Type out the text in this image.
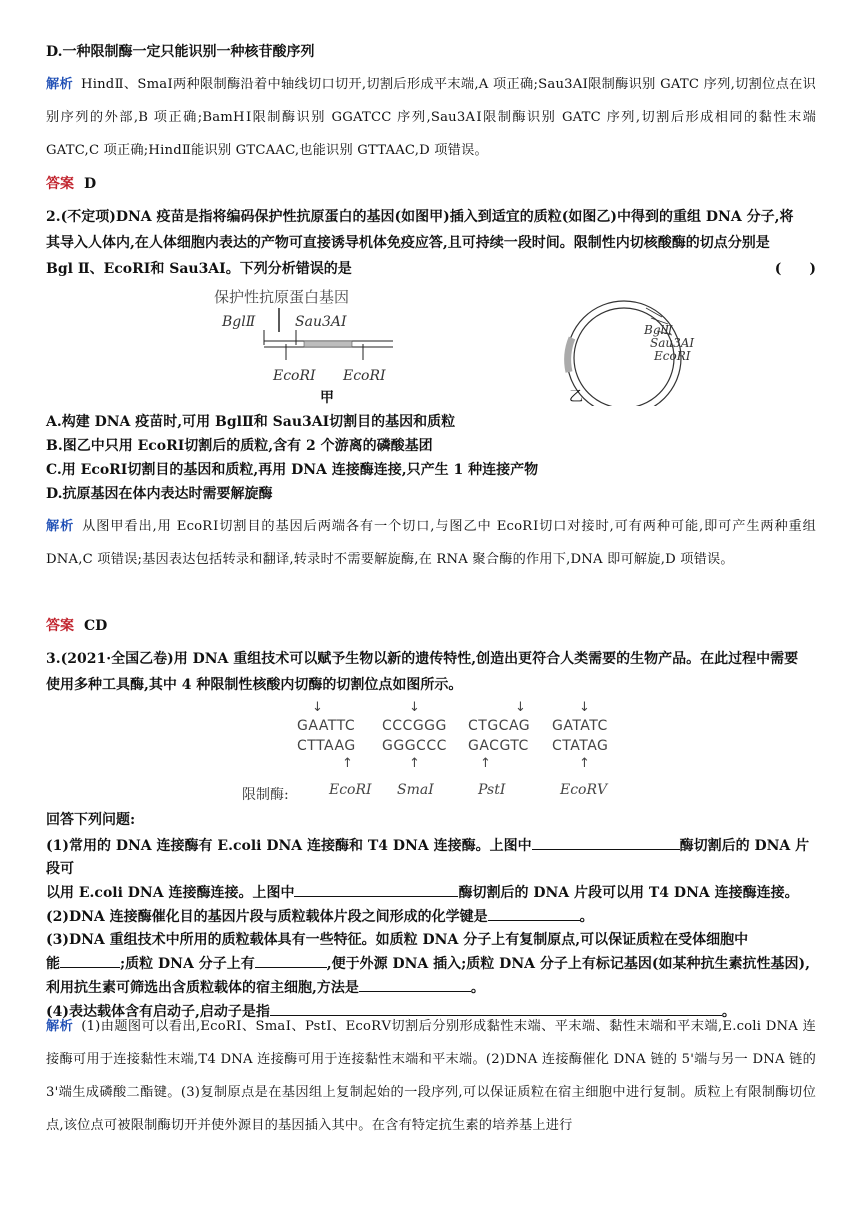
D.一种限制酶一定只能识别一种核苷酸序列
解析 HindⅡ、SmaⅠ两种限制酶沿着中轴线切口切开,切割后形成平末端,A 项正确;Sau3AⅠ限制酶识别 GATC 序列,切割位点在识别序列的外部,B 项正确;BamHⅠ限制酶识别 GGATCC 序列,Sau3AⅠ限制酶识别 GATC 序列,切割后形成相同的黏性末端 GATC,C 项正确;HindⅡ能识别 GTCAAC,也能识别 GTTAAC,D 项错误。
答案 D
2.(不定项)DNA 疫苗是指将编码保护性抗原蛋白的基因(如图甲)插入到适宜的质粒(如图乙)中得到的重组 DNA 分子,将
其导入人体内,在人体细胞内表达的产物可直接诱导机体免疫应答,且可持续一段时间。限制性内切核酸酶的切点分别是
Bgl Ⅱ、EcoRⅠ和 Sau3AⅠ。下列分析错误的是	(　　)
保护性抗原蛋白基因
BglⅡ	Sau3AⅠ
EcoRⅠ EcoRⅠ
甲
BglⅡ
Sau3AⅠ
EcoRⅠ
乙
A.构建 DNA 疫苗时,可用 BglⅡ和 Sau3AⅠ切割目的基因和质粒
B.图乙中只用 EcoRⅠ切割后的质粒,含有 2 个游离的磷酸基团
C.用 EcoRⅠ切割目的基因和质粒,再用 DNA 连接酶连接,只产生 1 种连接产物
D.抗原基因在体内表达时需要解旋酶
解析 从图甲看出,用 EcoRⅠ切割目的基因后两端各有一个切口,与图乙中 EcoRⅠ切口对接时,可有两种可能,即可产生两种重组 DNA,C 项错误;基因表达包括转录和翻译,转录时不需要解旋酶,在 RNA 聚合酶的作用下,DNA 即可解旋,D 项错误。
答案 CD
3.(2021·全国乙卷)用 DNA 重组技术可以赋予生物以新的遗传特性,创造出更符合人类需要的生物产品。在此过程中需要
使用多种工具酶,其中 4 种限制性核酸内切酶的切割位点如图所示。
限制酶:
↓
GAATTC
CTTAAG
↑
EcoRⅠ
↓
CCCGGG
GGGCCC
↑
SmaⅠ
↓
CTGCAG
GACGTC
↑
PstⅠ
↓
GATATC
CTATAG
↑
EcoRⅤ
回答下列问题:
(1)常用的 DNA 连接酶有 E.coli DNA 连接酶和 T4 DNA 连接酶。上图中	酶切割后的 DNA 片段可
以用 E.coli DNA 连接酶连接。上图中	酶切割后的 DNA 片段可以用 T4 DNA 连接酶连接。
(2)DNA 连接酶催化目的基因片段与质粒载体片段之间形成的化学键是	。
(3)DNA 重组技术中所用的质粒载体具有一些特征。如质粒 DNA 分子上有复制原点,可以保证质粒在受体细胞中
能	;质粒 DNA 分子上有	,便于外源 DNA 插入;质粒 DNA 分子上有标记基因(如某种抗生素抗性基因),
利用抗生素可筛选出含质粒载体的宿主细胞,方法是	。
(4)表达载体含有启动子,启动子是指	。
解析 (1)由题图可以看出,EcoRⅠ、SmaⅠ、PstⅠ、EcoRⅤ切割后分别形成黏性末端、平末端、黏性末端和平末端,E.coli DNA 连接酶可用于连接黏性末端,T4 DNA 连接酶可用于连接黏性末端和平末端。(2)DNA 连接酶催化 DNA 链的 5'端与另一 DNA 链的 3'端生成磷酸二酯键。(3)复制原点是在基因组上复制起始的一段序列,可以保证质粒在宿主细胞中进行复制。质粒上有限制酶切位点,该位点可被限制酶切开并使外源目的基因插入其中。在含有特定抗生素的培养基上进行
